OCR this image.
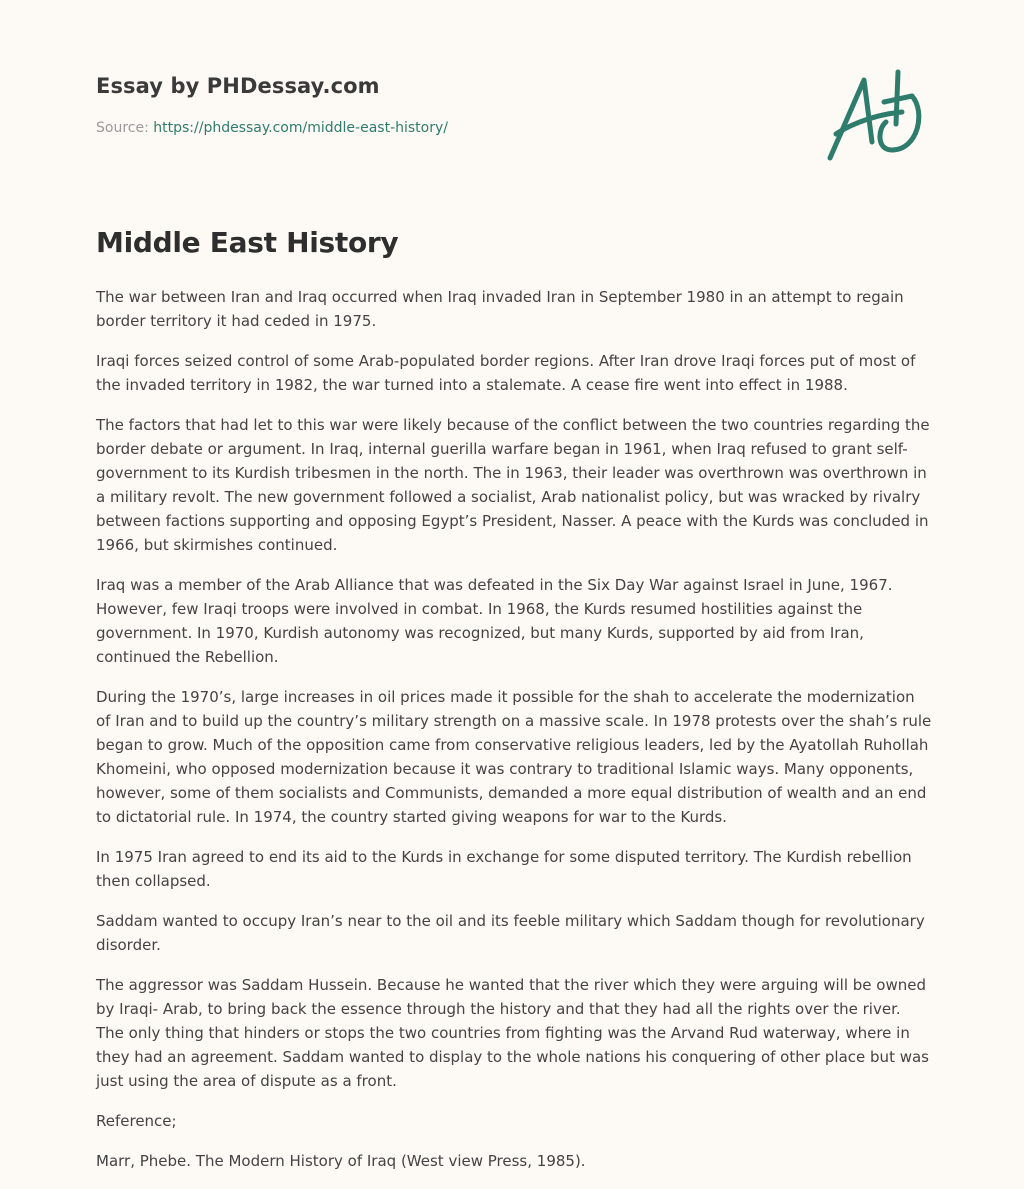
Essay by PHDessay.com

Source: https://phdessay.com/middle-east-history/
Middle East History

The war between Iran and Iraq occurred when Iraq invaded Iran in September 1980 in an attempt to regain border territory it had ceded in 1975.

Iraqi forces seized control of some Arab-populated border regions. After Iran drove Iraqi forces put of most of the invaded territory in 1982, the war turned into a stalemate. A cease fire went into effect in 1988.

The factors that had let to this war were likely because of the conflict between the two countries regarding the border debate or argument. In Iraq, internal guerilla warfare began in 1961, when Iraq refused to grant self-government to its Kurdish tribesmen in the north. The in 1963, their leader was overthrown was overthrown in a military revolt. The new government followed a socialist, Arab nationalist policy, but was wracked by rivalry between factions supporting and opposing Egypt’s President, Nasser. A peace with the Kurds was concluded in 1966, but skirmishes continued.

Iraq was a member of the Arab Alliance that was defeated in the Six Day War against Israel in June, 1967. However, few Iraqi troops were involved in combat. In 1968, the Kurds resumed hostilities against the government. In 1970, Kurdish autonomy was recognized, but many Kurds, supported by aid from Iran, continued the Rebellion.

During the 1970’s, large increases in oil prices made it possible for the shah to accelerate the modernization of Iran and to build up the country’s military strength on a massive scale. In 1978 protests over the shah’s rule began to grow. Much of the opposition came from conservative religious leaders, led by the Ayatollah Ruhollah Khomeini, who opposed modernization because it was contrary to traditional Islamic ways. Many opponents, however, some of them socialists and Communists, demanded a more equal distribution of wealth and an end to dictatorial rule. In 1974, the country started giving weapons for war to the Kurds.

In 1975 Iran agreed to end its aid to the Kurds in exchange for some disputed territory. The Kurdish rebellion then collapsed.

Saddam wanted to occupy Iran’s near to the oil and its feeble military which Saddam though for revolutionary disorder.

The aggressor was Saddam Hussein. Because he wanted that the river which they were arguing will be owned by Iraqi- Arab, to bring back the essence through the history and that they had all the rights over the river. The only thing that hinders or stops the two countries from fighting was the Arvand Rud waterway, where in they had an agreement. Saddam wanted to display to the whole nations his conquering of other place but was just using the area of dispute as a front.

Reference;

Marr, Phebe. The Modern History of Iraq (West view Press, 1985).
